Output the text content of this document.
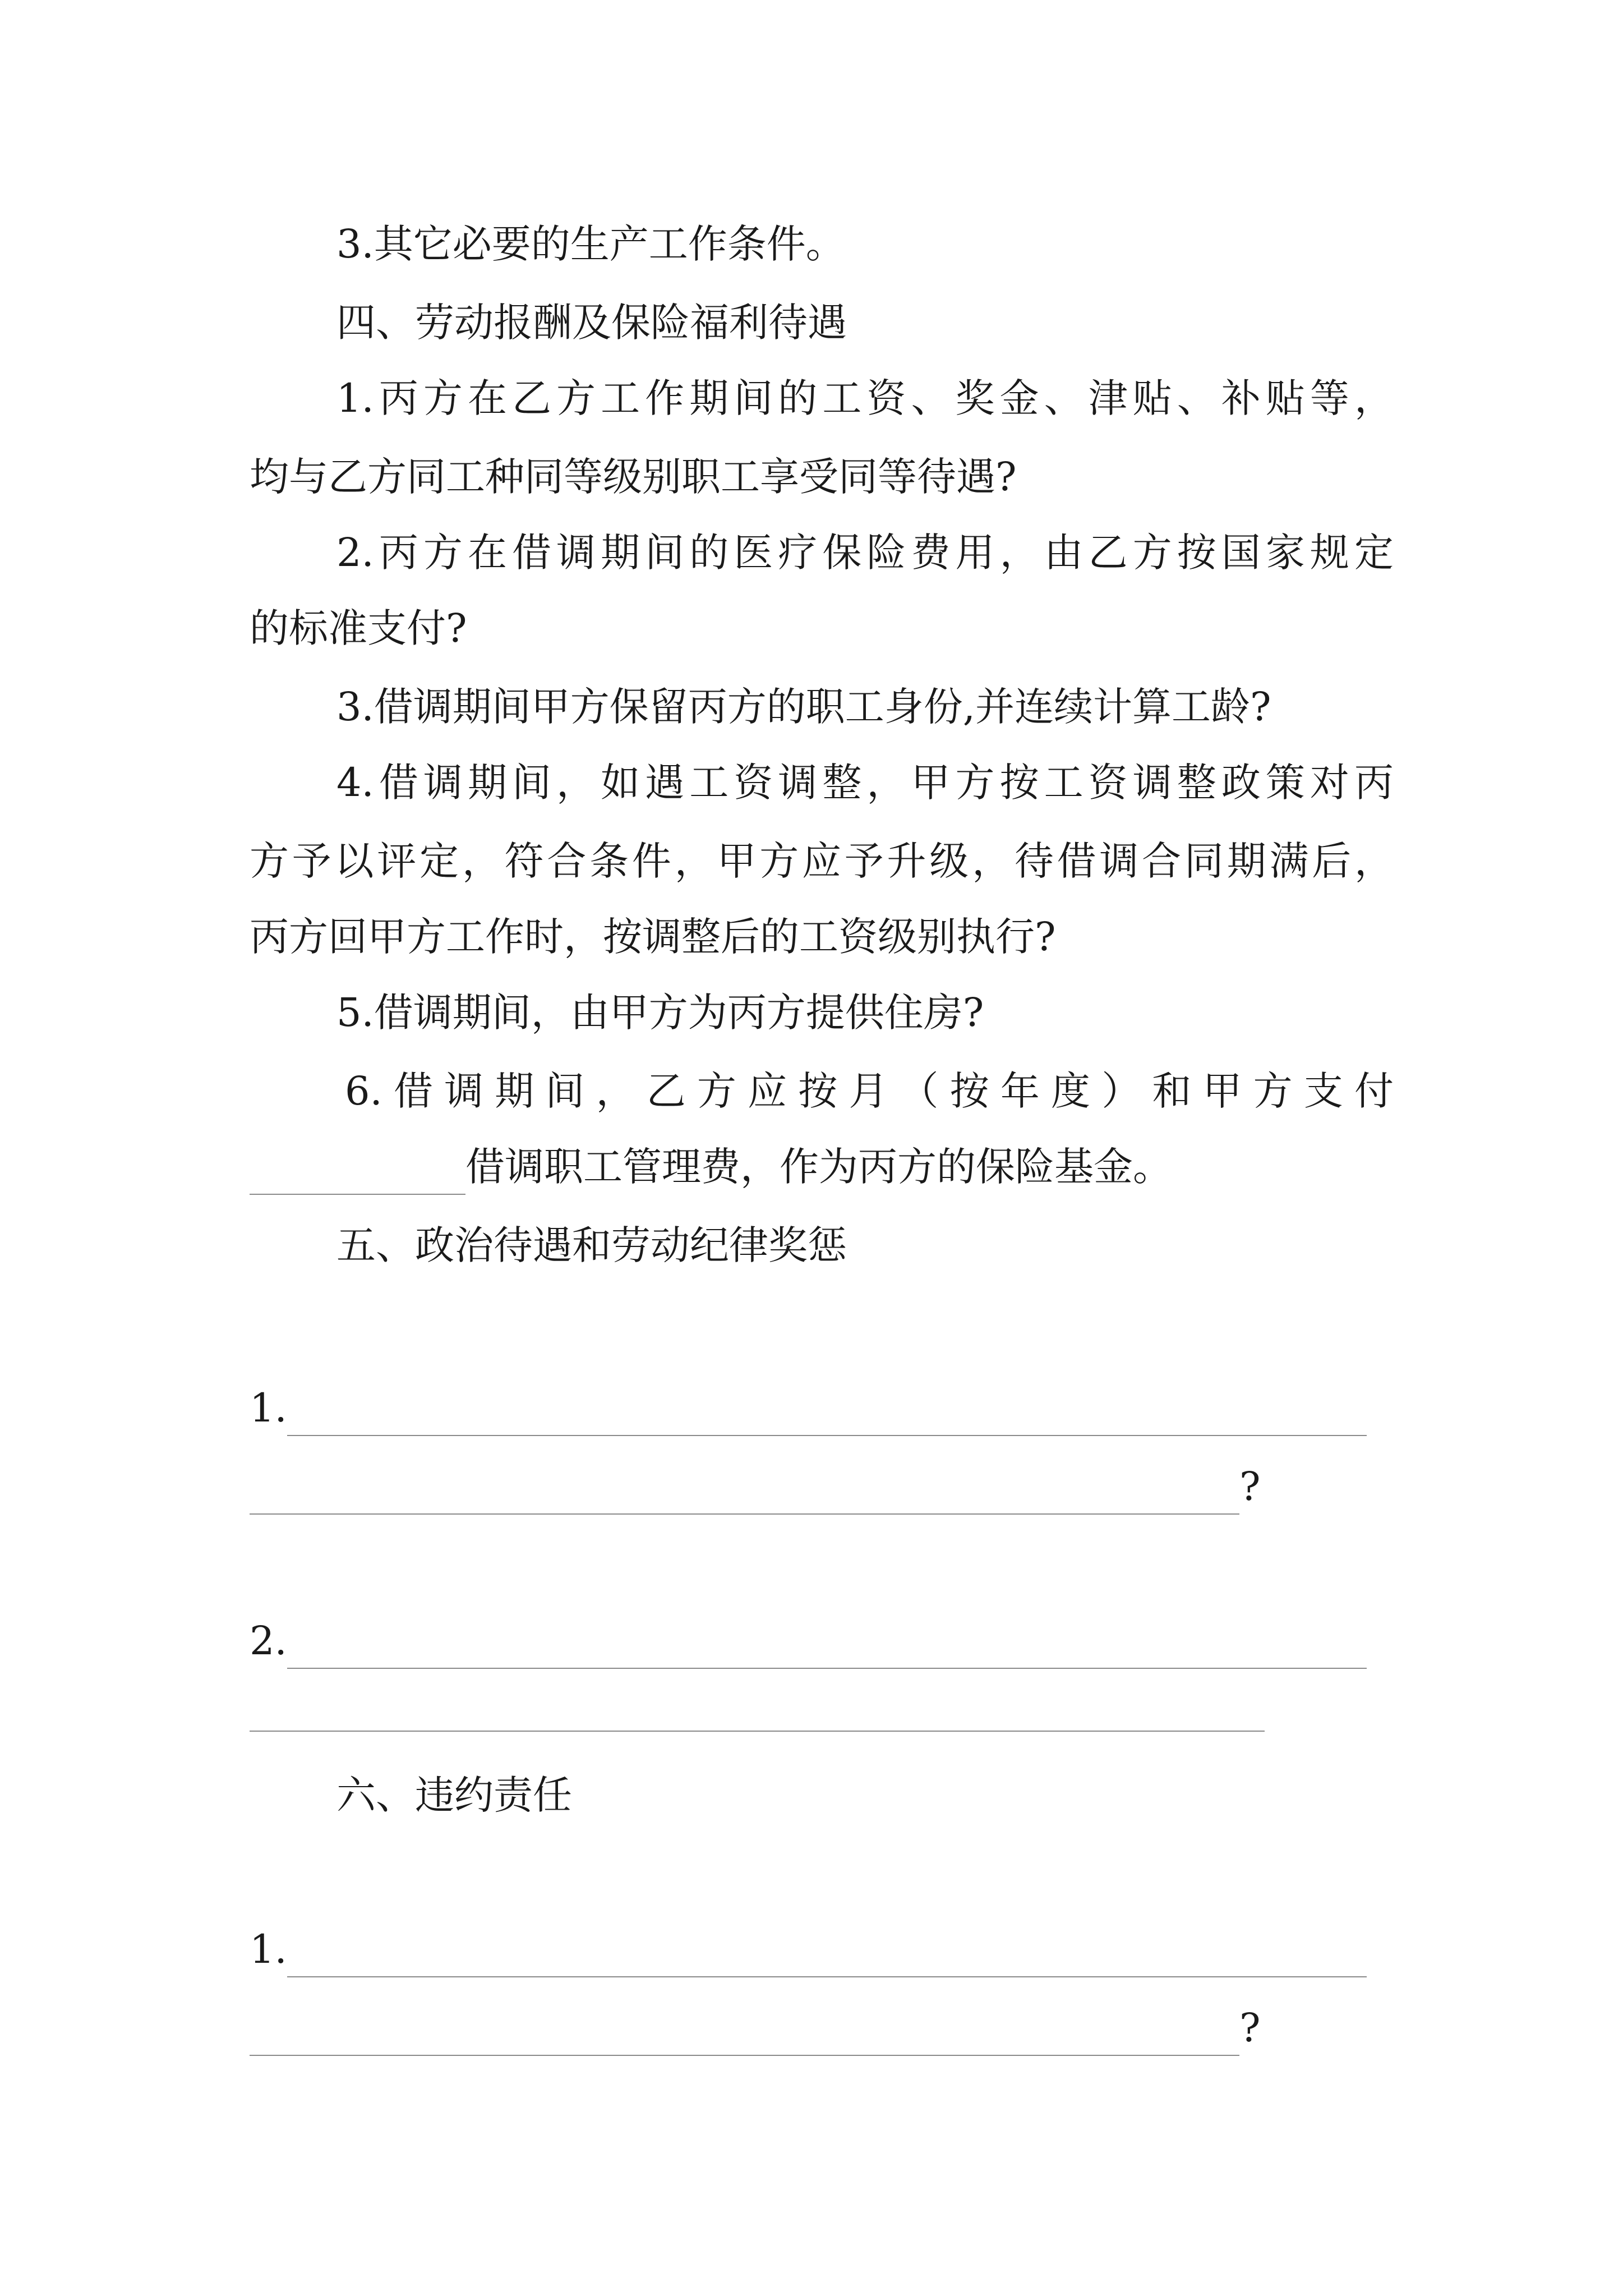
3.其它必要的生产工作条件。
四、劳动报酬及保险福利待遇
1.丙方在乙方工作期间的工资、奖金、津贴、补贴等，
均与乙方同工种同等级别职工享受同等待遇?
2.丙方在借调期间的医疗保险费用，由乙方按国家规定
的标准支付?
3.借调期间甲方保留丙方的职工身份,并连续计算工龄?
4.借调期间，如遇工资调整，甲方按工资调整政策对丙
方予以评定，符合条件，甲方应予升级，待借调合同期满后，
丙方回甲方工作时，按调整后的工资级别执行?
5.借调期间，由甲方为丙方提供住房?
6.借调期间，乙方应按月（按年度）和甲方支付
借调职工管理费，作为丙方的保险基金。
五、政治待遇和劳动纪律奖惩
1.
?
2.
六、违约责任
1.
?
